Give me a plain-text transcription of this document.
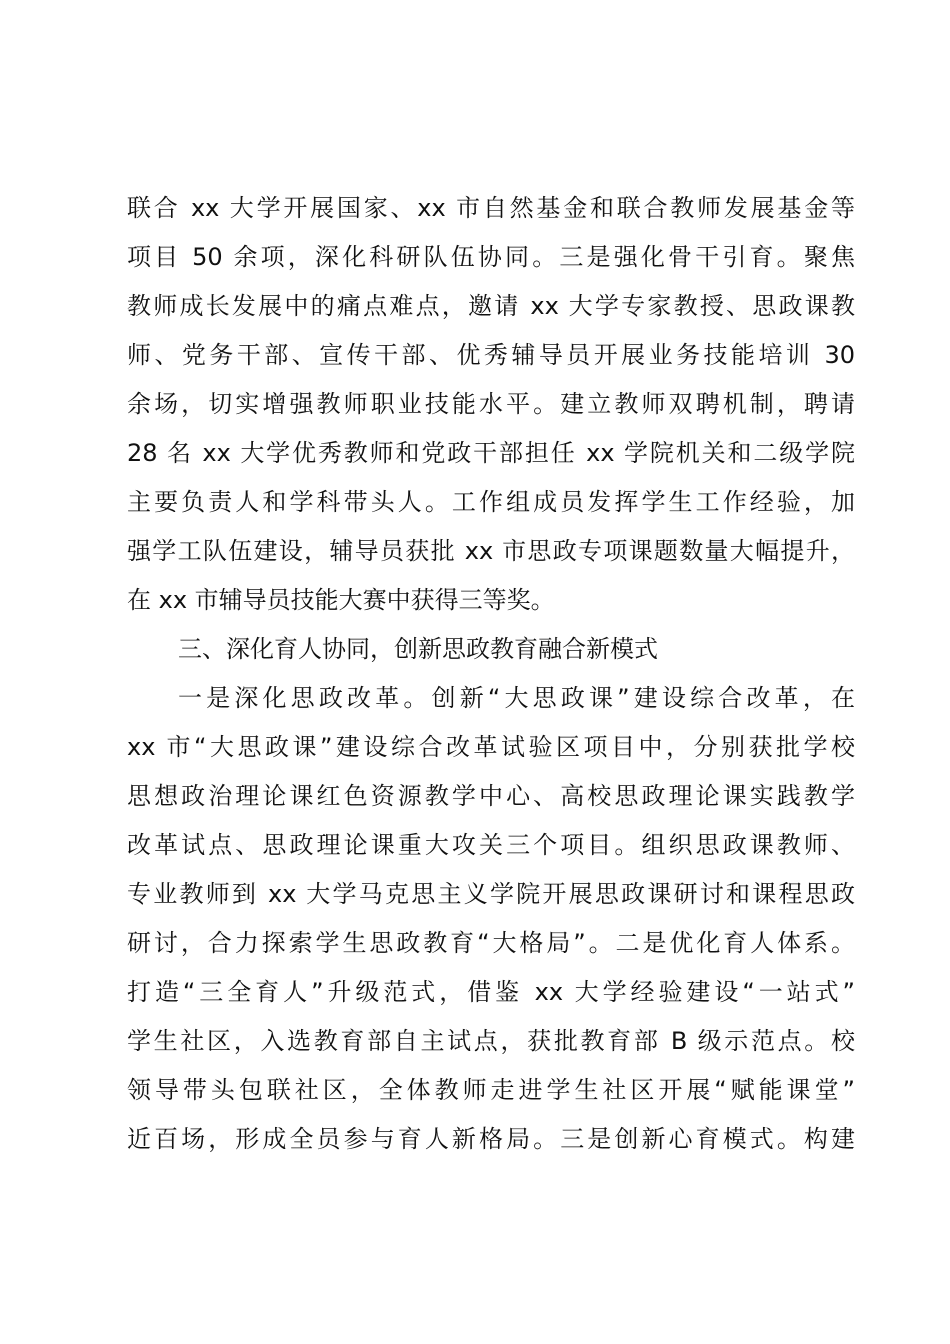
联合 xx 大学开展国家、xx 市自然基金和联合教师发展基金等
项目 50 余项，深化科研队伍协同。三是强化骨干引育。聚焦
教师成长发展中的痛点难点，邀请 xx 大学专家教授、思政课教
师、党务干部、宣传干部、优秀辅导员开展业务技能培训 30
余场，切实增强教师职业技能水平。建立教师双聘机制，聘请
28 名 xx 大学优秀教师和党政干部担任 xx 学院机关和二级学院
主要负责人和学科带头人。工作组成员发挥学生工作经验，加
强学工队伍建设，辅导员获批 xx 市思政专项课题数量大幅提升，
在 xx 市辅导员技能大赛中获得三等奖。
三、深化育人协同，创新思政教育融合新模式
一是深化思政改革。创新“大思政课”建设综合改革，在
xx 市“大思政课”建设综合改革试验区项目中，分别获批学校
思想政治理论课红色资源教学中心、高校思政理论课实践教学
改革试点、思政理论课重大攻关三个项目。组织思政课教师、
专业教师到 xx 大学马克思主义学院开展思政课研讨和课程思政
研讨，合力探索学生思政教育“大格局”。二是优化育人体系。
打造“三全育人”升级范式，借鉴 xx 大学经验建设“一站式”
学生社区，入选教育部自主试点，获批教育部 B 级示范点。校
领导带头包联社区，全体教师走进学生社区开展“赋能课堂”
近百场，形成全员参与育人新格局。三是创新心育模式。构建
